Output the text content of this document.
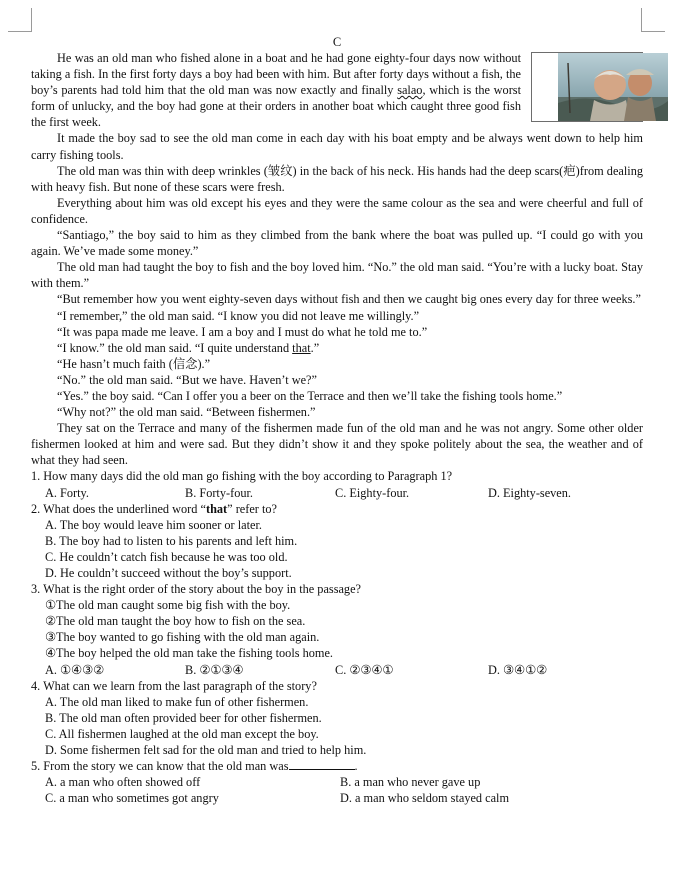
C

He was an old man who fished alone in a boat and he had gone eighty-four days now without taking a fish. In the first forty days a boy had been with him. But after forty days without a fish, the boy’s parents had told him that the old man was now exactly and finally salao, which is the worst form of unlucky, and the boy had gone at their orders in another boat which caught three good fish the first week.

It made the boy sad to see the old man come in each day with his boat empty and be always went down to help him carry fishing tools.

The old man was thin with deep wrinkles (皱纹) in the back of his neck. His hands had the deep scars(疤)from dealing with heavy fish. But none of these scars were fresh.

Everything about him was old except his eyes and they were the same colour as the sea and were cheerful and full of confidence.

“Santiago,” the boy said to him as they climbed from the bank where the boat was pulled up. “I could go with you again. We’ve made some money.”

The old man had taught the boy to fish and the boy loved him. “No.” the old man said. “You’re with a lucky boat. Stay with them.”

“But remember how you went eighty-seven days without fish and then we caught big ones every day for three weeks.”

“I remember,” the old man said. “I know you did not leave me willingly.”

“It was papa made me leave. I am a boy and I must do what he told me to.”

“I know.” the old man said. “I quite understand that.”

“He hasn’t much faith (信念).”

“No.” the old man said. “But we have. Haven’t we?”

“Yes.” the boy said. “Can I offer you a beer on the Terrace and then we’ll take the fishing tools home.”

“Why not?” the old man said. “Between fishermen.”

They sat on the Terrace and many of the fishermen made fun of the old man and he was not angry. Some other older fishermen looked at him and were sad. But they didn’t show it and they spoke politely about the sea, the weather and of what they had seen.

1. How many days did the old man go fishing with the boy according to Paragraph 1?

A. Forty.	B. Forty-four.	C. Eighty-four.	D. Eighty-seven.

2. What does the underlined word “that” refer to?

A. The boy would leave him sooner or later.

B. The boy had to listen to his parents and left him.

C. He couldn’t catch fish because he was too old.

D. He couldn’t succeed without the boy’s support.

3. What is the right order of the story about the boy in the passage?

①The old man caught some big fish with the boy.

②The old man taught the boy how to fish on the sea.

③The boy wanted to go fishing with the old man again.

④The boy helped the old man take the fishing tools home.

A. ①④③②	B. ②①③④	C. ②③④①	D. ③④①②

4. What can we learn from the last paragraph of the story?

A. The old man liked to make fun of other fishermen.

B. The old man often provided beer for other fishermen.

C. All fishermen laughed at the old man except the boy.

D. Some fishermen felt sad for the old man and tried to help him.

5. From the story we can know that the old man was	.

A. a man who often showed off	B. a man who never gave up
C. a man who sometimes got angry	D. a man who seldom stayed calm
